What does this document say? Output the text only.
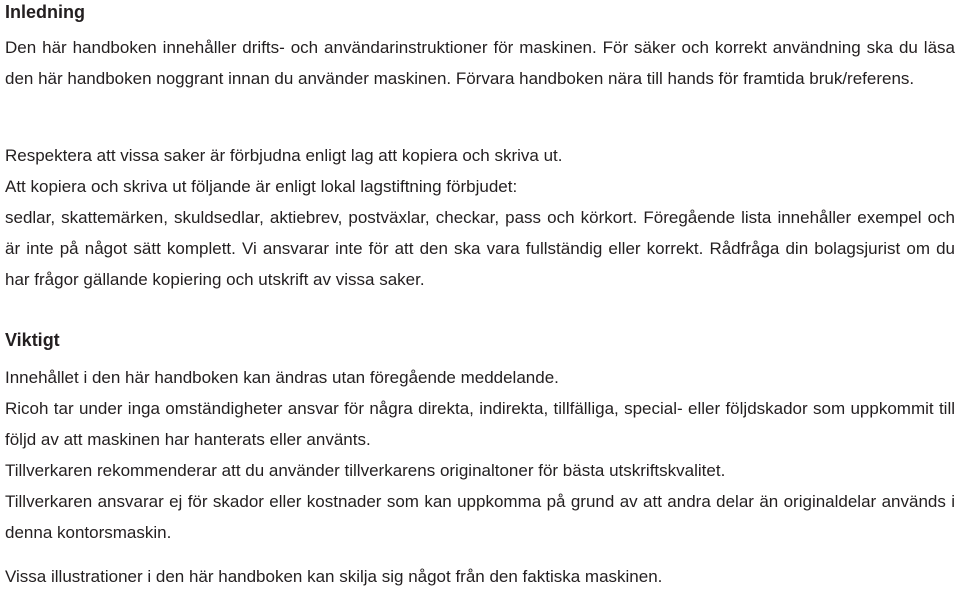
Inledning

Den här handboken innehåller drifts- och användarinstruktioner för maskinen. För säker och korrekt användning ska du läsa den här handboken noggrant innan du använder maskinen. Förvara handboken nära till hands för framtida bruk/referens.

Respektera att vissa saker är förbjudna enligt lag att kopiera och skriva ut.

Att kopiera och skriva ut följande är enligt lokal lagstiftning förbjudet:

sedlar, skattemärken, skuldsedlar, aktiebrev, postväxlar, checkar, pass och körkort. Föregående lista innehåller exempel och är inte på något sätt komplett. Vi ansvarar inte för att den ska vara fullständig eller korrekt. Rådfråga din bolagsjurist om du har frågor gällande kopiering och utskrift av vissa saker.

Viktigt

Innehållet i den här handboken kan ändras utan föregående meddelande.

Ricoh tar under inga omständigheter ansvar för några direkta, indirekta, tillfälliga, special- eller följdskador som uppkommit till följd av att maskinen har hanterats eller använts.

Tillverkaren rekommenderar att du använder tillverkarens originaltoner för bästa utskriftskvalitet.

Tillverkaren ansvarar ej för skador eller kostnader som kan uppkomma på grund av att andra delar än originaldelar används i denna kontorsmaskin.

Vissa illustrationer i den här handboken kan skilja sig något från den faktiska maskinen.
